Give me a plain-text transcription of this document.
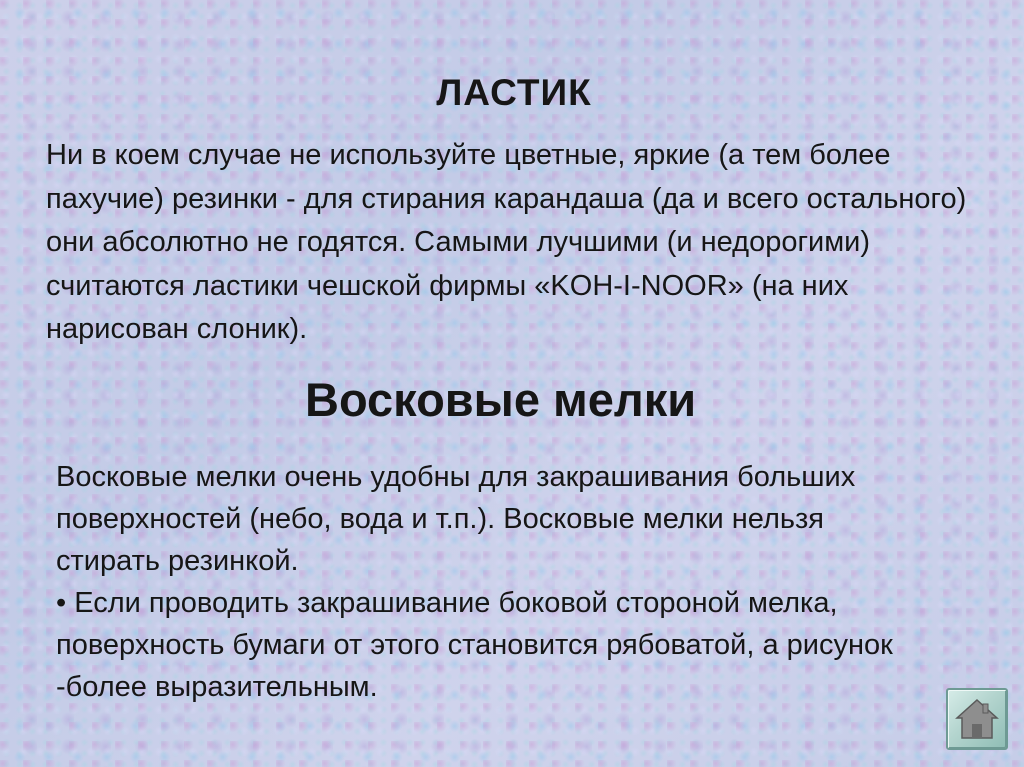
ЛАСТИК

Ни в коем случае не используйте цветные, яркие (а тем более пахучие) резинки - для стирания карандаша (да и всего остального) они абсолютно не годятся. Самыми лучшими (и недорогими) считаются ластики чешской фирмы «KOH-I-NOOR» (на них нарисован слоник).

Восковые мелки

Восковые мелки очень удобны для закрашивания больших поверхностей (небо, вода и т.п.). Восковые мелки нельзя стирать резинкой.
• Если проводить закрашивание боковой стороной мелка, поверхность бумаги от этого становится рябоватой, а рисунок -более выразительным.
